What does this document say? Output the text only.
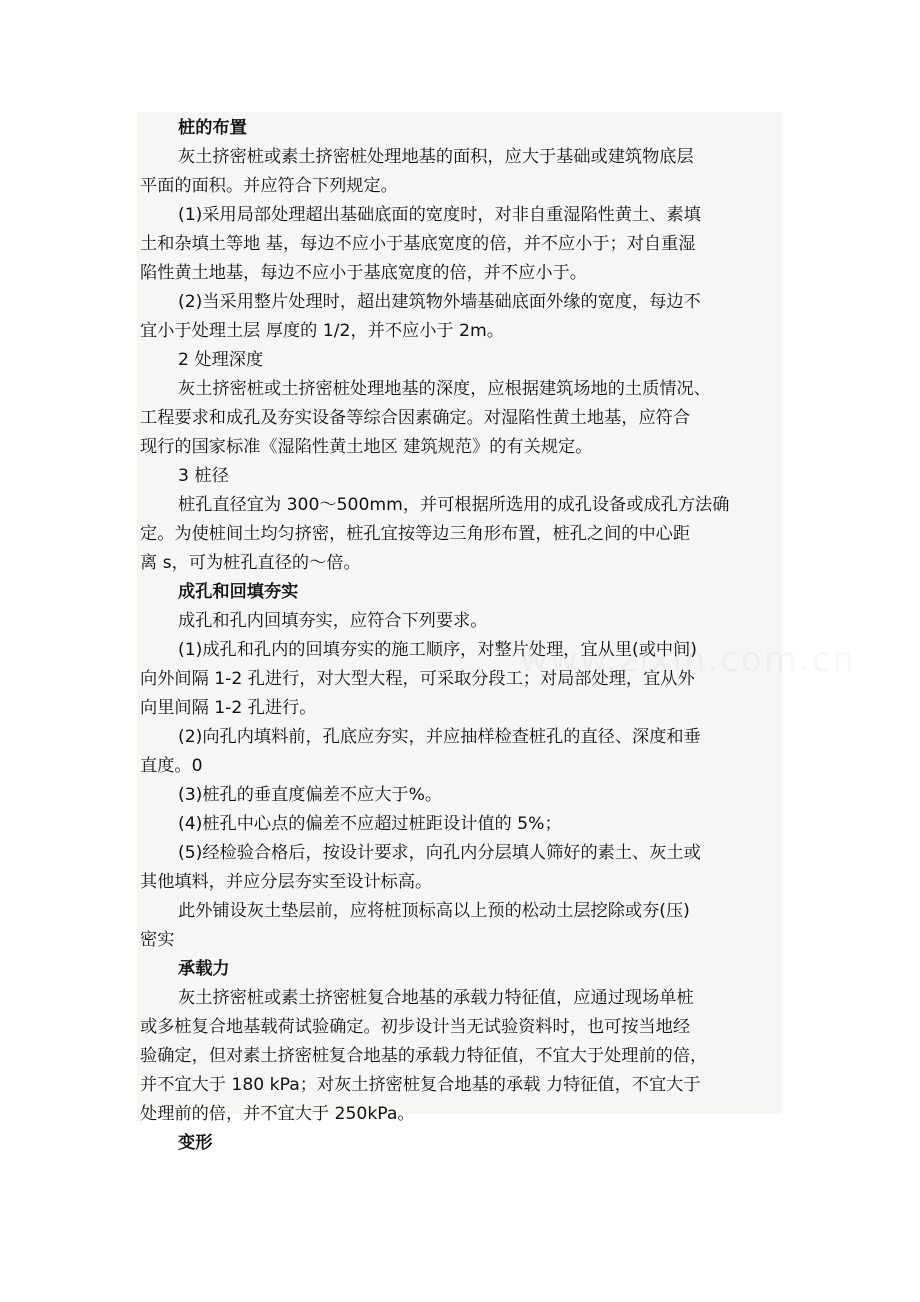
桩的布置
灰土挤密桩或素土挤密桩处理地基的面积，应大于基础或建筑物底层
平面的面积。并应符合下列规定。
(1)采用局部处理超出基础底面的宽度时，对非自重湿陷性黄土、素填
土和杂填土等地 基，每边不应小于基底宽度的倍，并不应小于；对自重湿
陷性黄土地基，每边不应小于基底宽度的倍，并不应小于。
(2)当采用整片处理时，超出建筑物外墙基础底面外缘的宽度，每边不
宜小于处理土层 厚度的 1/2，并不应小于 2m。
2 处理深度
灰土挤密桩或土挤密桩处理地基的深度，应根据建筑场地的土质情况、
工程要求和成孔及夯实设备等综合因素确定。对湿陷性黄土地基，应符合
现行的国家标准《湿陷性黄土地区 建筑规范》的有关规定。
3 桩径
桩孔直径宜为 300～500mm，并可根据所选用的成孔设备或成孔方法确
定。为使桩间土均匀挤密，桩孔宜按等边三角形布置，桩孔之间的中心距
离 s，可为桩孔直径的～倍。
成孔和回填夯实
成孔和孔内回填夯实，应符合下列要求。
(1)成孔和孔内的回填夯实的施工顺序，对整片处理，宜从里(或中间)
向外间隔 1-2 孔进行，对大型大程，可采取分段工；对局部处理，宜从外
向里间隔 1-2 孔进行。
(2)向孔内填料前，孔底应夯实，并应抽样检查桩孔的直径、深度和垂
直度。0
(3)桩孔的垂直度偏差不应大于%。
(4)桩孔中心点的偏差不应超过桩距设计值的 5%；
(5)经检验合格后，按设计要求，向孔内分层填人筛好的素土、灰土或
其他填料，并应分层夯实至设计标高。
此外铺设灰土垫层前，应将桩顶标高以上预的松动土层挖除或夯(压)
密实
承载力
灰土挤密桩或素土挤密桩复合地基的承载力特征值，应通过现场单桩
或多桩复合地基载荷试验确定。初步设计当无试验资料时，也可按当地经
验确定，但对素土挤密桩复合地基的承载力特征值，不宜大于处理前的倍，
并不宜大于 180 kPa；对灰土挤密桩复合地基的承载 力特征值，不宜大于
处理前的倍，并不宜大于 250kPa。
变形
